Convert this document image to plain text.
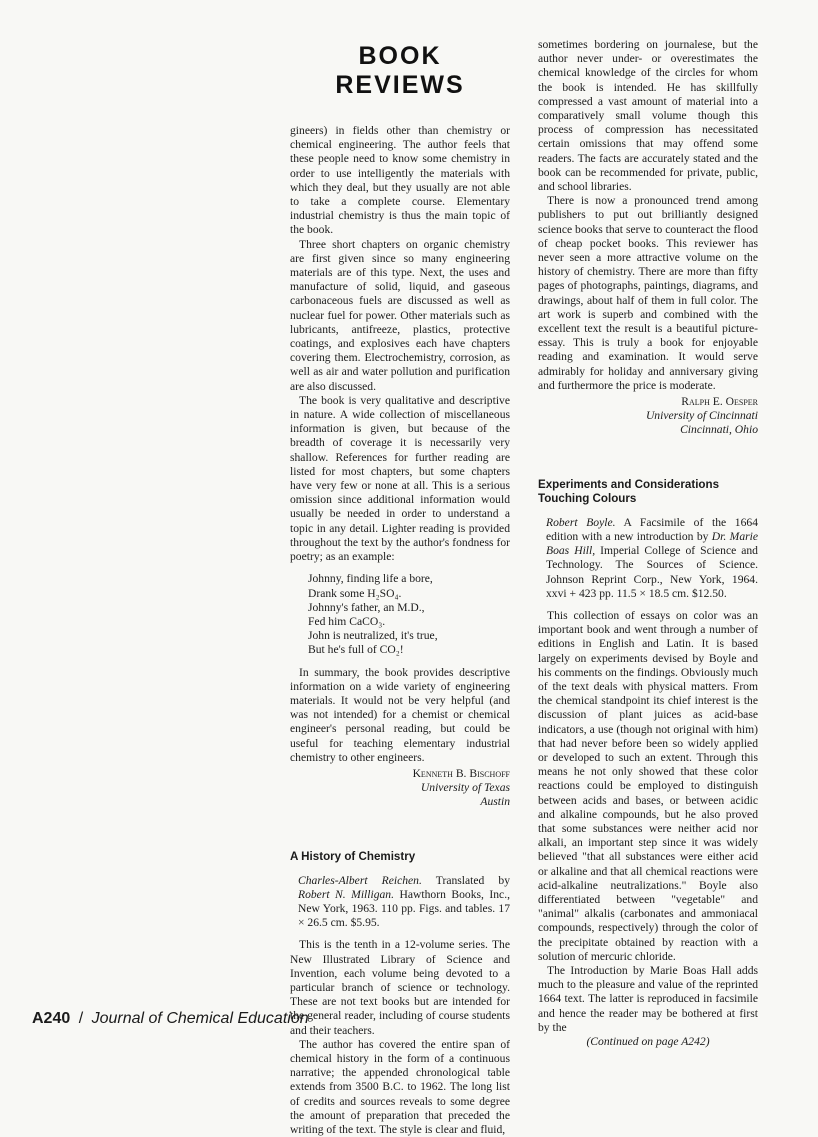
BOOK REVIEWS

gineers) in fields other than chemistry or chemical engineering. The author feels that these people need to know some chemistry in order to use intelligently the materials with which they deal, but they usually are not able to take a complete course. Elementary industrial chemistry is thus the main topic of the book.

Three short chapters on organic chemistry are first given since so many engineering materials are of this type. Next, the uses and manufacture of solid, liquid, and gaseous carbonaceous fuels are discussed as well as nuclear fuel for power. Other materials such as lubricants, antifreeze, plastics, protective coatings, and explosives each have chapters covering them. Electrochemistry, corrosion, as well as air and water pollution and purification are also discussed.

The book is very qualitative and descriptive in nature. A wide collection of miscellaneous information is given, but because of the breadth of coverage it is necessarily very shallow. References for further reading are listed for most chapters, but some chapters have very few or none at all. This is a serious omission since additional information would usually be needed in order to understand a topic in any detail. Lighter reading is provided throughout the text by the author's fondness for poetry; as an example:

Johnny, finding life a bore,
Drank some H₂SO₄.
Johnny's father, an M.D.,
Fed him CaCO₃.
John is neutralized, it's true,
But he's full of CO₂!

In summary, the book provides descriptive information on a wide variety of engineering materials. It would not be very helpful (and was not intended) for a chemist or chemical engineer's personal reading, but could be useful for teaching elementary industrial chemistry to other engineers.

Kenneth B. Bischoff
University of Texas
Austin
A History of Chemistry
Charles-Albert Reichen. Translated by Robert N. Milligan. Hawthorn Books, Inc., New York, 1963. 110 pp. Figs. and tables. 17 × 26.5 cm. $5.95.

This is the tenth in a 12-volume series. The New Illustrated Library of Science and Invention, each volume being devoted to a particular branch of science or technology. These are not text books but are intended for the general reader, including of course students and their teachers.

The author has covered the entire span of chemical history in the form of a continuous narrative; the appended chronological table extends from 3500 B.C. to 1962. The long list of credits and sources reveals to some degree the amount of preparation that preceded the writing of the text. The style is clear and fluid,

sometimes bordering on journalese, but the author never under- or overestimates the chemical knowledge of the circles for whom the book is intended. He has skillfully compressed a vast amount of material into a comparatively small volume though this process of compression has necessitated certain omissions that may offend some readers. The facts are accurately stated and the book can be recommended for private, public, and school libraries.

There is now a pronounced trend among publishers to put out brilliantly designed science books that serve to counteract the flood of cheap pocket books. This reviewer has never seen a more attractive volume on the history of chemistry. There are more than fifty pages of photographs, paintings, diagrams, and drawings, about half of them in full color. The art work is superb and combined with the excellent text the result is a beautiful picture-essay. This is truly a book for enjoyable reading and examination. It would serve admirably for holiday and anniversary giving and furthermore the price is moderate.

Ralph E. Oesper
University of Cincinnati
Cincinnati, Ohio
Experiments and Considerations
Touching Colours
Robert Boyle. A Facsimile of the 1664 edition with a new introduction by Dr. Marie Boas Hill, Imperial College of Science and Technology. The Sources of Science. Johnson Reprint Corp., New York, 1964. xxvi + 423 pp. 11.5 × 18.5 cm. $12.50.

This collection of essays on color was an important book and went through a number of editions in English and Latin. It is based largely on experiments devised by Boyle and his comments on the findings. Obviously much of the text deals with physical matters. From the chemical standpoint its chief interest is the discussion of plant juices as acid-base indicators, a use (though not original with him) that had never before been so widely applied or developed to such an extent. Through this means he not only showed that these color reactions could be employed to distinguish between acids and bases, or between acidic and alkaline compounds, but he also proved that some substances were neither acid nor alkali, an important step since it was widely believed "that all substances were either acid or alkaline and that all chemical reactions were acid-alkaline neutralizations." Boyle also differentiated between "vegetable" and "animal" alkalis (carbonates and ammoniacal compounds, respectively) through the color of the precipitate obtained by reaction with a solution of mercuric chloride.

The Introduction by Marie Boas Hall adds much to the pleasure and value of the reprinted 1664 text. The latter is reproduced in facsimile and hence the reader may be bothered at first by the

(Continued on page A242)
A240 / Journal of Chemical Education
